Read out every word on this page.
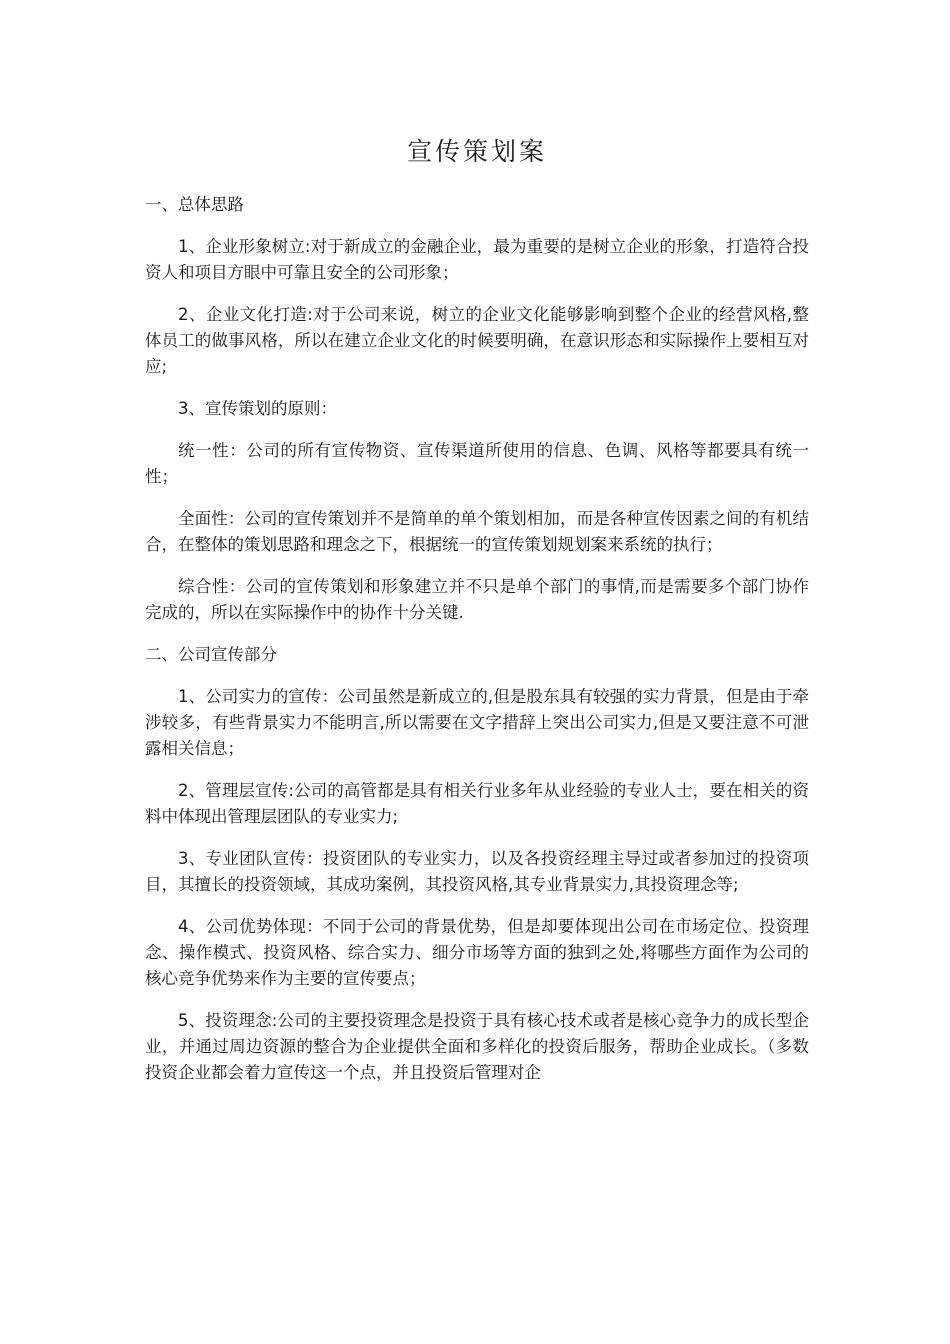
宣传策划案
一、总体思路

1、企业形象树立:对于新成立的金融企业，最为重要的是树立企业的形象，打造符合投资人和项目方眼中可靠且安全的公司形象；

2、企业文化打造:对于公司来说，树立的企业文化能够影响到整个企业的经营风格,整体员工的做事风格，所以在建立企业文化的时候要明确，在意识形态和实际操作上要相互对应;

3、宣传策划的原则：

统一性：公司的所有宣传物资、宣传渠道所使用的信息、色调、风格等都要具有统一性；

全面性：公司的宣传策划并不是简单的单个策划相加，而是各种宣传因素之间的有机结合，在整体的策划思路和理念之下，根据统一的宣传策划规划案来系统的执行；

综合性：公司的宣传策划和形象建立并不只是单个部门的事情,而是需要多个部门协作完成的，所以在实际操作中的协作十分关键.

二、公司宣传部分

1、公司实力的宣传：公司虽然是新成立的,但是股东具有较强的实力背景，但是由于牵涉较多，有些背景实力不能明言,所以需要在文字措辞上突出公司实力,但是又要注意不可泄露相关信息；

2、管理层宣传:公司的高管都是具有相关行业多年从业经验的专业人士，要在相关的资料中体现出管理层团队的专业实力;

3、专业团队宣传：投资团队的专业实力，以及各投资经理主导过或者参加过的投资项目，其擅长的投资领域，其成功案例，其投资风格,其专业背景实力,其投资理念等;

4、公司优势体现：不同于公司的背景优势，但是却要体现出公司在市场定位、投资理念、操作模式、投资风格、综合实力、细分市场等方面的独到之处,将哪些方面作为公司的核心竞争优势来作为主要的宣传要点；

5、投资理念:公司的主要投资理念是投资于具有核心技术或者是核心竞争力的成长型企业，并通过周边资源的整合为企业提供全面和多样化的投资后服务，帮助企业成长。（多数投资企业都会着力宣传这一个点，并且投资后管理对企
